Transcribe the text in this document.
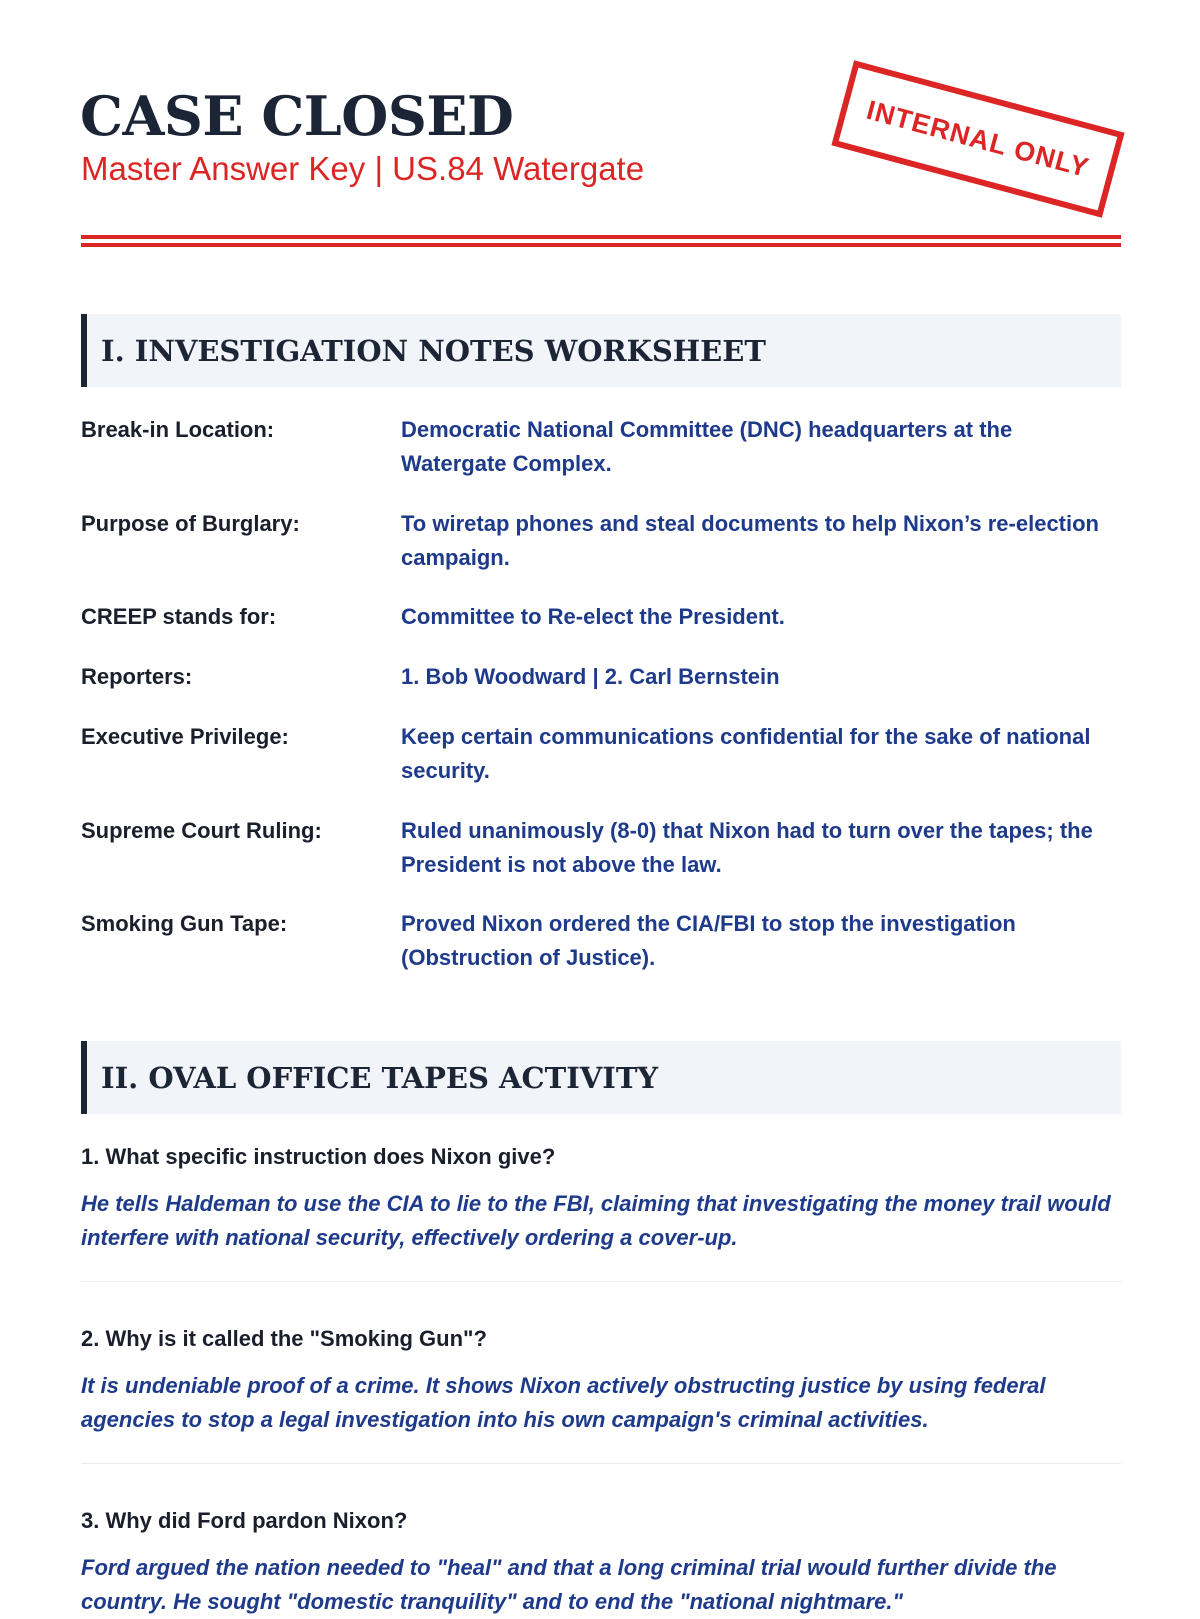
CASE CLOSED
Master Answer Key | US.84 Watergate	INTERNAL ONLY
I. INVESTIGATION NOTES WORKSHEET
Break-in Location:	Democratic National Committee (DNC) headquarters at the Watergate Complex.
Purpose of Burglary:	To wiretap phones and steal documents to help Nixon’s re-election campaign.
CREEP stands for:	Committee to Re-elect the President.
Reporters:	1. Bob Woodward | 2. Carl Bernstein
Executive Privilege:	Keep certain communications confidential for the sake of national security.
Supreme Court Ruling:	Ruled unanimously (8-0) that Nixon had to turn over the tapes; the President is not above the law.
Smoking Gun Tape:	Proved Nixon ordered the CIA/FBI to stop the investigation (Obstruction of Justice).
II. OVAL OFFICE TAPES ACTIVITY
1. What specific instruction does Nixon give?
He tells Haldeman to use the CIA to lie to the FBI, claiming that investigating the money trail would interfere with national security, effectively ordering a cover-up.
2. Why is it called the "Smoking Gun"?
It is undeniable proof of a crime. It shows Nixon actively obstructing justice by using federal agencies to stop a legal investigation into his own campaign's criminal activities.
3. Why did Ford pardon Nixon?
Ford argued the nation needed to "heal" and that a long criminal trial would further divide the country. He sought "domestic tranquility" and to end the "national nightmare."
